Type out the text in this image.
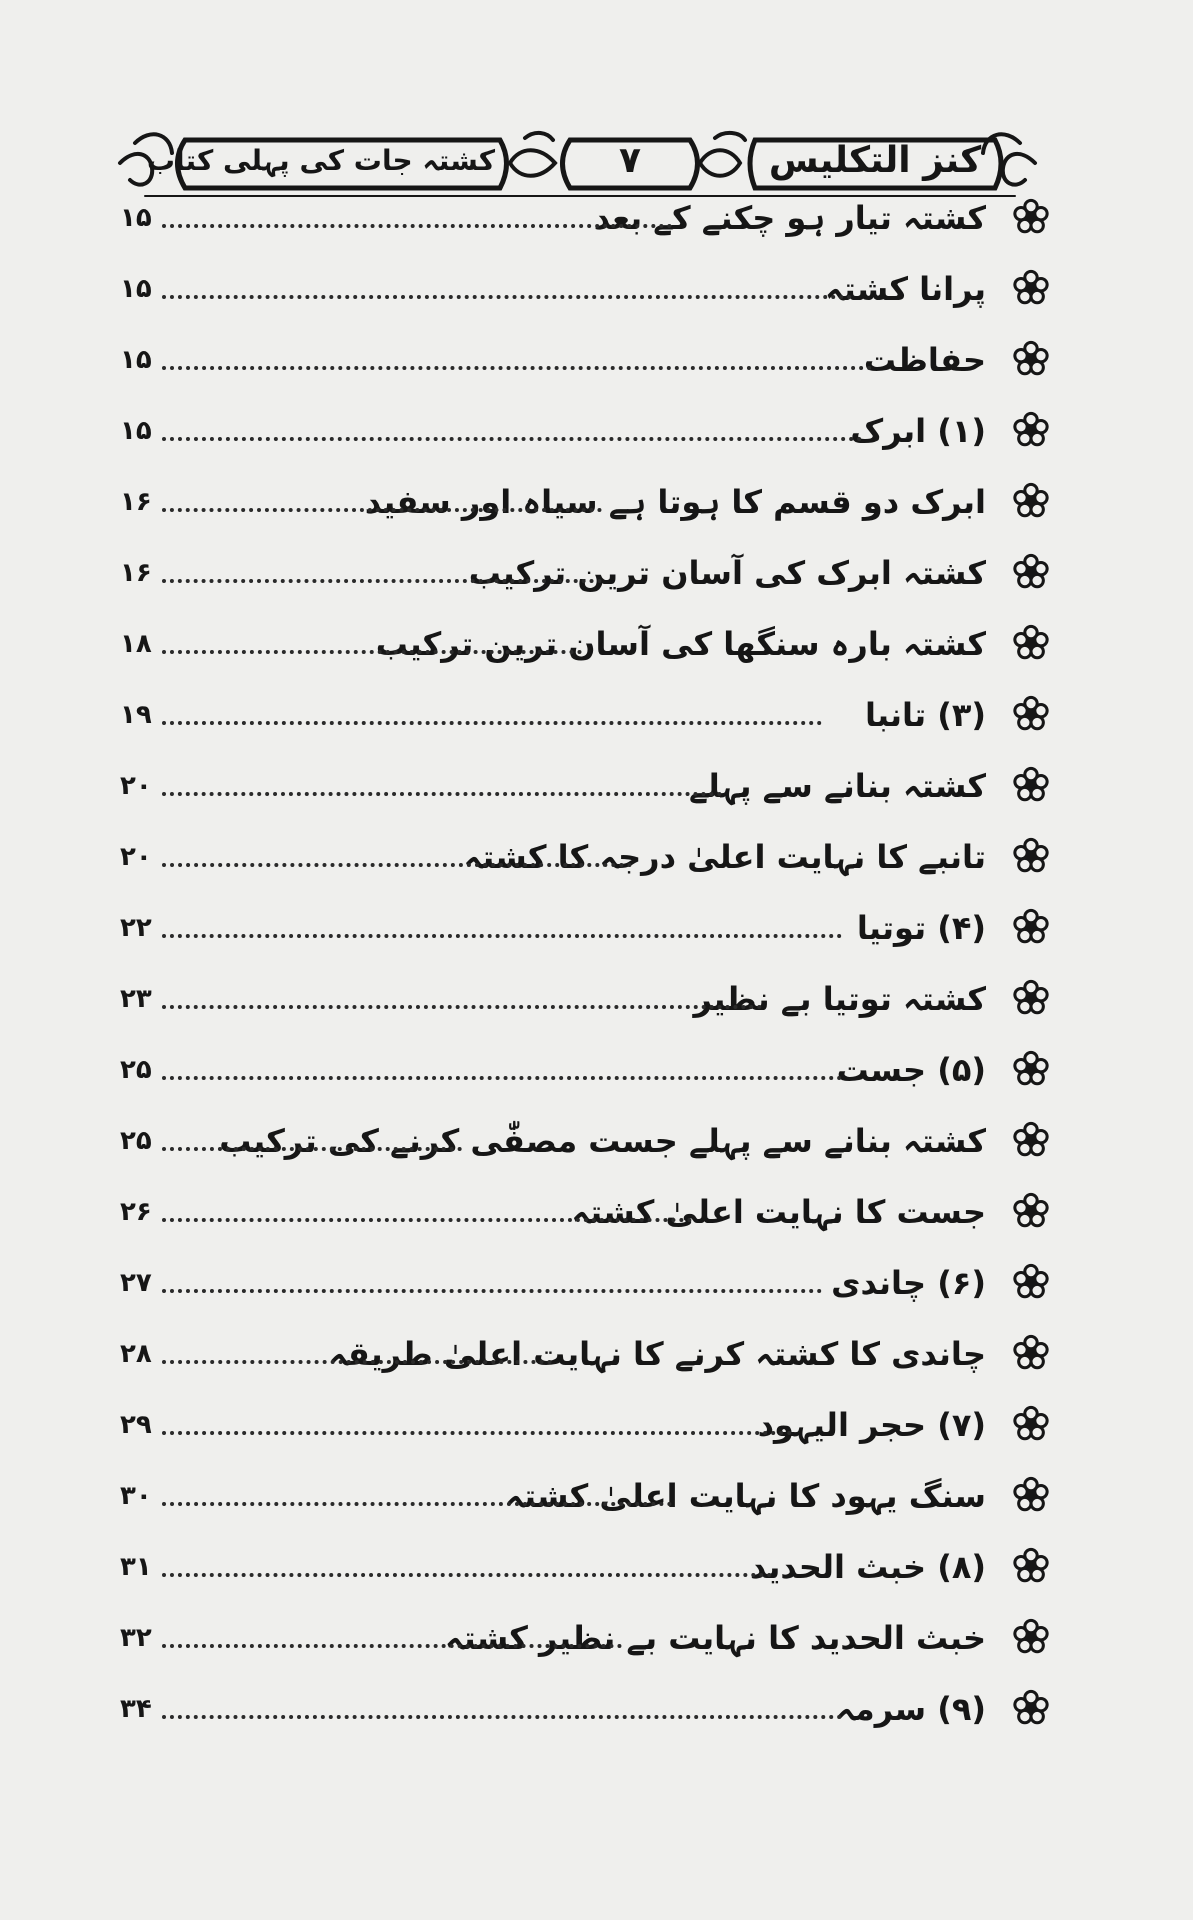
كنز التكليس
۷
کشتہ جات کی پہلی کتاب
کشتہ تیار ہو چکنے کے بعد
۱۵
پرانا کشتہ
۱۵
حفاظت
۱۵
(۱) ابرک
۱۵
ابرک دو قسم کا ہوتا ہے سیاہ اور سفید
۱۶
کشتہ ابرک کی آسان ترین ترکیب
۱۶
کشتہ بارہ سنگھا کی آسان ترین ترکیب
۱۸
(۳) تانبا
۱۹
کشتہ بنانے سے پہلے
۲۰
تانبے کا نہایت اعلیٰ درجہ کا کشتہ
۲۰
(۴) توتیا
۲۲
کشتہ توتیا بے نظیر
۲۳
(۵) جست
۲۵
کشتہ بنانے سے پہلے جست مصفّٰی کرنے کی ترکیب
۲۵
جست کا نہایت اعلیٰ کشتہ
۲۶
(۶) چاندی
۲۷
چاندی کا کشتہ کرنے کا نہایت اعلیٰ طریقہ
۲۸
(۷) حجر الیہود
۲۹
سنگ یہود کا نہایت اعلیٰ کشتہ
۳۰
(۸) خبث الحدید
۳۱
خبث الحدید کا نہایت بے نظیر کشتہ
۳۲
(۹) سرمہ
۳۴
